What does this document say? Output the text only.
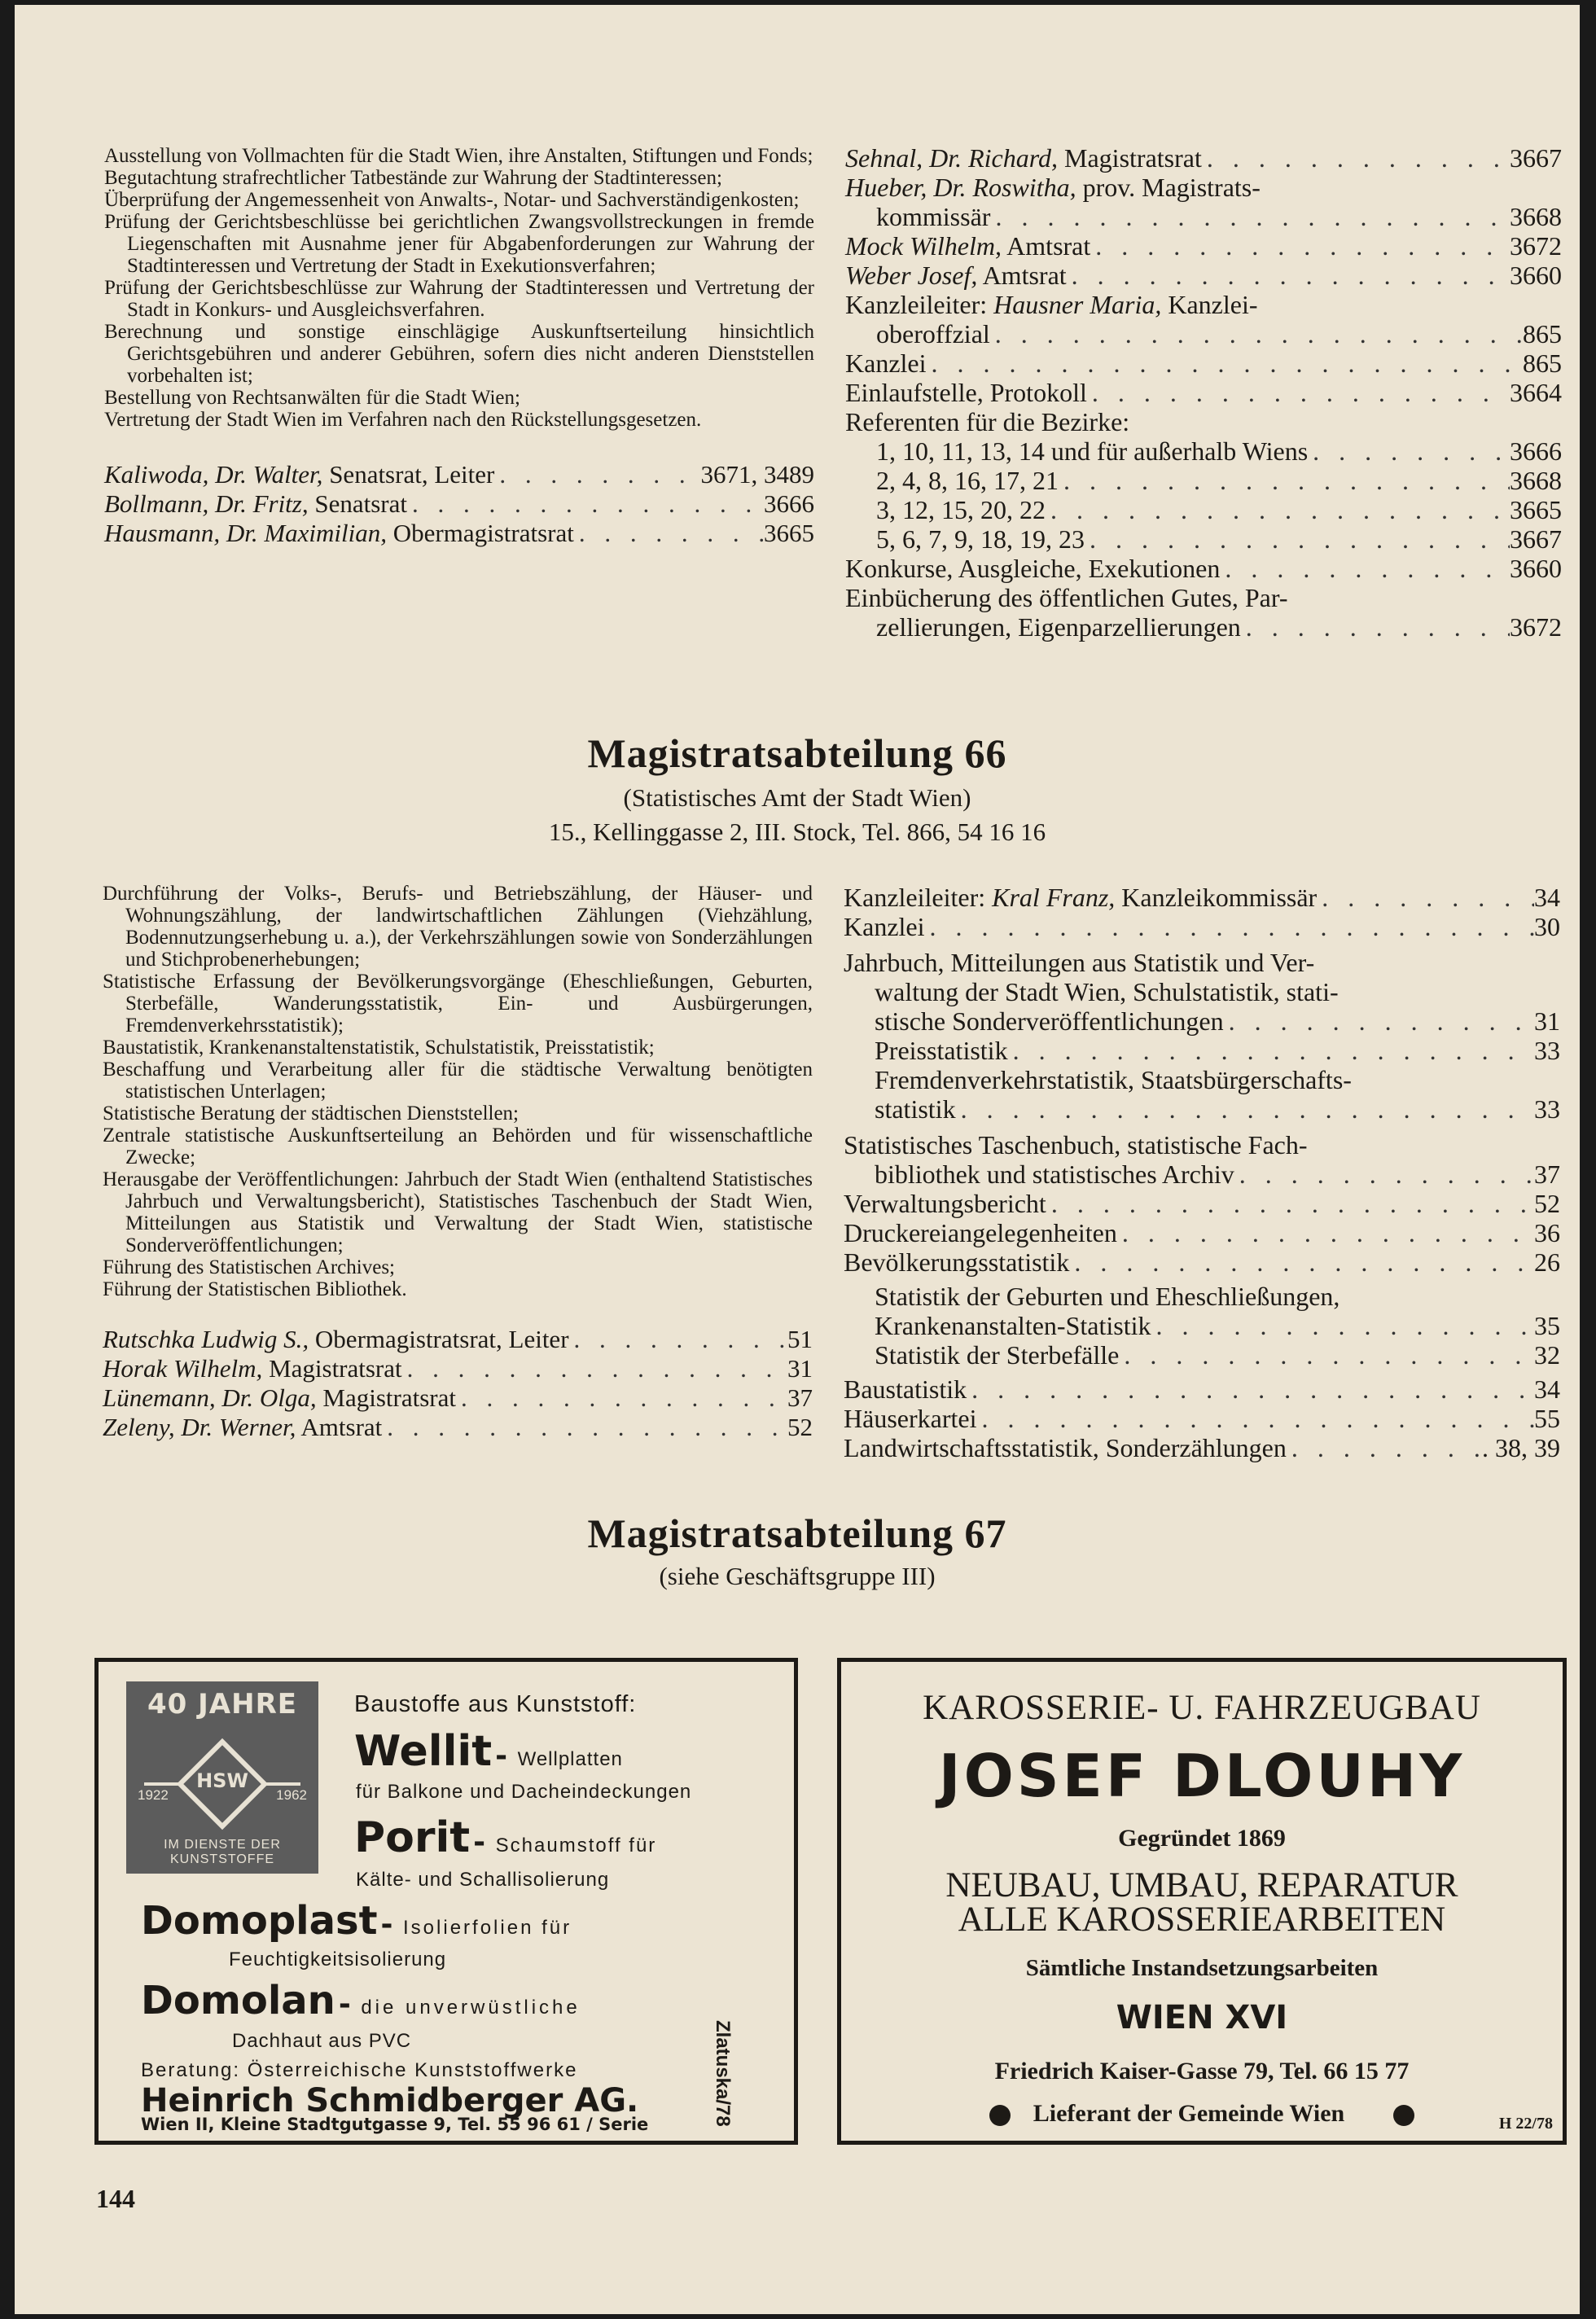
Ausstellung von Vollmachten für die Stadt Wien, ihre Anstalten, Stiftungen und Fonds;

Begutachtung strafrechtlicher Tatbestände zur Wahrung der Stadtinteressen;

Überprüfung der Angemessenheit von Anwalts-, Notar- und Sachverständigenkosten;

Prüfung der Gerichtsbeschlüsse bei gerichtlichen Zwangsvollstreckungen in fremde Liegenschaften mit Ausnahme jener für Abgabenforderungen zur Wahrung der Stadtinteressen und Vertretung der Stadt in Exekutionsverfahren;

Prüfung der Gerichtsbeschlüsse zur Wahrung der Stadtinteressen und Vertretung der Stadt in Konkurs- und Ausgleichsverfahren.

Berechnung und sonstige einschlägige Auskunftserteilung hinsichtlich Gerichtsgebühren und anderer Gebühren, sofern dies nicht anderen Dienststellen vorbehalten ist;

Bestellung von Rechtsanwälten für die Stadt Wien;

Vertretung der Stadt Wien im Verfahren nach den Rückstellungsgesetzen.

Kaliwoda, Dr. Walter, Senatsrat, Leiter . . .	3671, 3489
Bollmann, Dr. Fritz, Senatsrat . . .	3666
Hausmann, Dr. Maximilian, Obermagistratsrat . . .	3665
Sehnal, Dr. Richard, Magistratsrat . . .	3667
Hueber, Dr. Roswitha, prov. Magistrats-
kommissär . . .	3668
Mock Wilhelm, Amtsrat . . .	3672
Weber Josef, Amtsrat . . .	3660
Kanzleileiter: Hausner Maria, Kanzlei-
oberoffzial . . .	865
Kanzlei . . .	865
Einlaufstelle, Protokoll . . .	3664
Referenten für die Bezirke:
1, 10, 11, 13, 14 und für außerhalb Wiens . . .	3666
2, 4, 8, 16, 17, 21 . . .	3668
3, 12, 15, 20, 22 . . .	3665
5, 6, 7, 9, 18, 19, 23 . . .	3667
Konkurse, Ausgleiche, Exekutionen . . .	3660
Einbücherung des öffentlichen Gutes, Par-
zellierungen, Eigenparzellierungen . . .	3672
Magistratsabteilung 66
(Statistisches Amt der Stadt Wien)
15., Kellinggasse 2, III. Stock, Tel. 866, 54 16 16

Durchführung der Volks-, Berufs- und Betriebszählung, der Häuser- und Wohnungszählung, der landwirtschaftlichen Zählungen (Viehzählung, Bodennutzungserhebung u. a.), der Verkehrszählungen sowie von Sonderzählungen und Stichprobenerhebungen;

Statistische Erfassung der Bevölkerungsvorgänge (Eheschließungen, Geburten, Sterbefälle, Wanderungsstatistik, Ein- und Ausbürgerungen, Fremdenverkehrsstatistik);

Baustatistik, Krankenanstaltenstatistik, Schulstatistik, Preisstatistik;

Beschaffung und Verarbeitung aller für die städtische Verwaltung benötigten statistischen Unterlagen;

Statistische Beratung der städtischen Dienststellen;

Zentrale statistische Auskunftserteilung an Behörden und für wissenschaftliche Zwecke;

Herausgabe der Veröffentlichungen: Jahrbuch der Stadt Wien (enthaltend Statistisches Jahrbuch und Verwaltungsbericht), Statistisches Taschenbuch der Stadt Wien, Mitteilungen aus Statistik und Verwaltung der Stadt Wien, statistische Sonderveröffentlichungen;

Führung des Statistischen Archives;

Führung der Statistischen Bibliothek.

Rutschka Ludwig S., Obermagistratsrat, Leiter . . .	51
Horak Wilhelm, Magistratsrat . . .	31
Lünemann, Dr. Olga, Magistratsrat . . .	37
Zeleny, Dr. Werner, Amtsrat . . .	52
Kanzleileiter: Kral Franz, Kanzleikommissär . . .	34
Kanzlei . . .	30
Jahrbuch, Mitteilungen aus Statistik und Ver-
waltung der Stadt Wien, Schulstatistik, stati-
stische Sonderveröffentlichungen . . .	31
Preisstatistik . . .	33
Fremdenverkehrstatistik, Staatsbürgerschafts-
statistik . . .	33
Statistisches Taschenbuch, statistische Fach-
bibliothek und statistisches Archiv . . .	37
Verwaltungsbericht . . .	52
Druckereiangelegenheiten . . .	36
Bevölkerungsstatistik . . .	26
Statistik der Geburten und Eheschließungen,
Krankenanstalten-Statistik . . .	35
Statistik der Sterbefälle . . .	32
Baustatistik . . .	34
Häuserkartei . . .	55
Landwirtschaftsstatistik, Sonderzählungen . . .	. 38, 39
Magistratsabteilung 67
(siehe Geschäftsgruppe III)
40 JAHRE
HSW
1922	1962
IM DIENSTE DER KUNSTSTOFFE
Baustoffe aus Kunststoff:
Wellit - Wellplatten
für Balkone und Dacheindeckungen
Porit - Schaumstoff für
Kälte- und Schallisolierung
Domoplast - Isolierfolien für
Feuchtigkeitsisolierung
Domolan - die unverwüstliche
Dachhaut aus PVC
Beratung: Österreichische Kunststoffwerke
Heinrich Schmidberger AG.
Wien II, Kleine Stadtgutgasse 9, Tel. 55 96 61 / Serie	Zlatuska/78
KAROSSERIE- U. FAHRZEUGBAU
JOSEF DLOUHY
Gegründet 1869
NEUBAU, UMBAU, REPARATUR
ALLE KAROSSERIEARBEITEN
Sämtliche Instandsetzungsarbeiten
WIEN XVI
Friedrich Kaiser-Gasse 79, Tel. 66 15 77
Lieferant der Gemeinde Wien	H 22/78
144
